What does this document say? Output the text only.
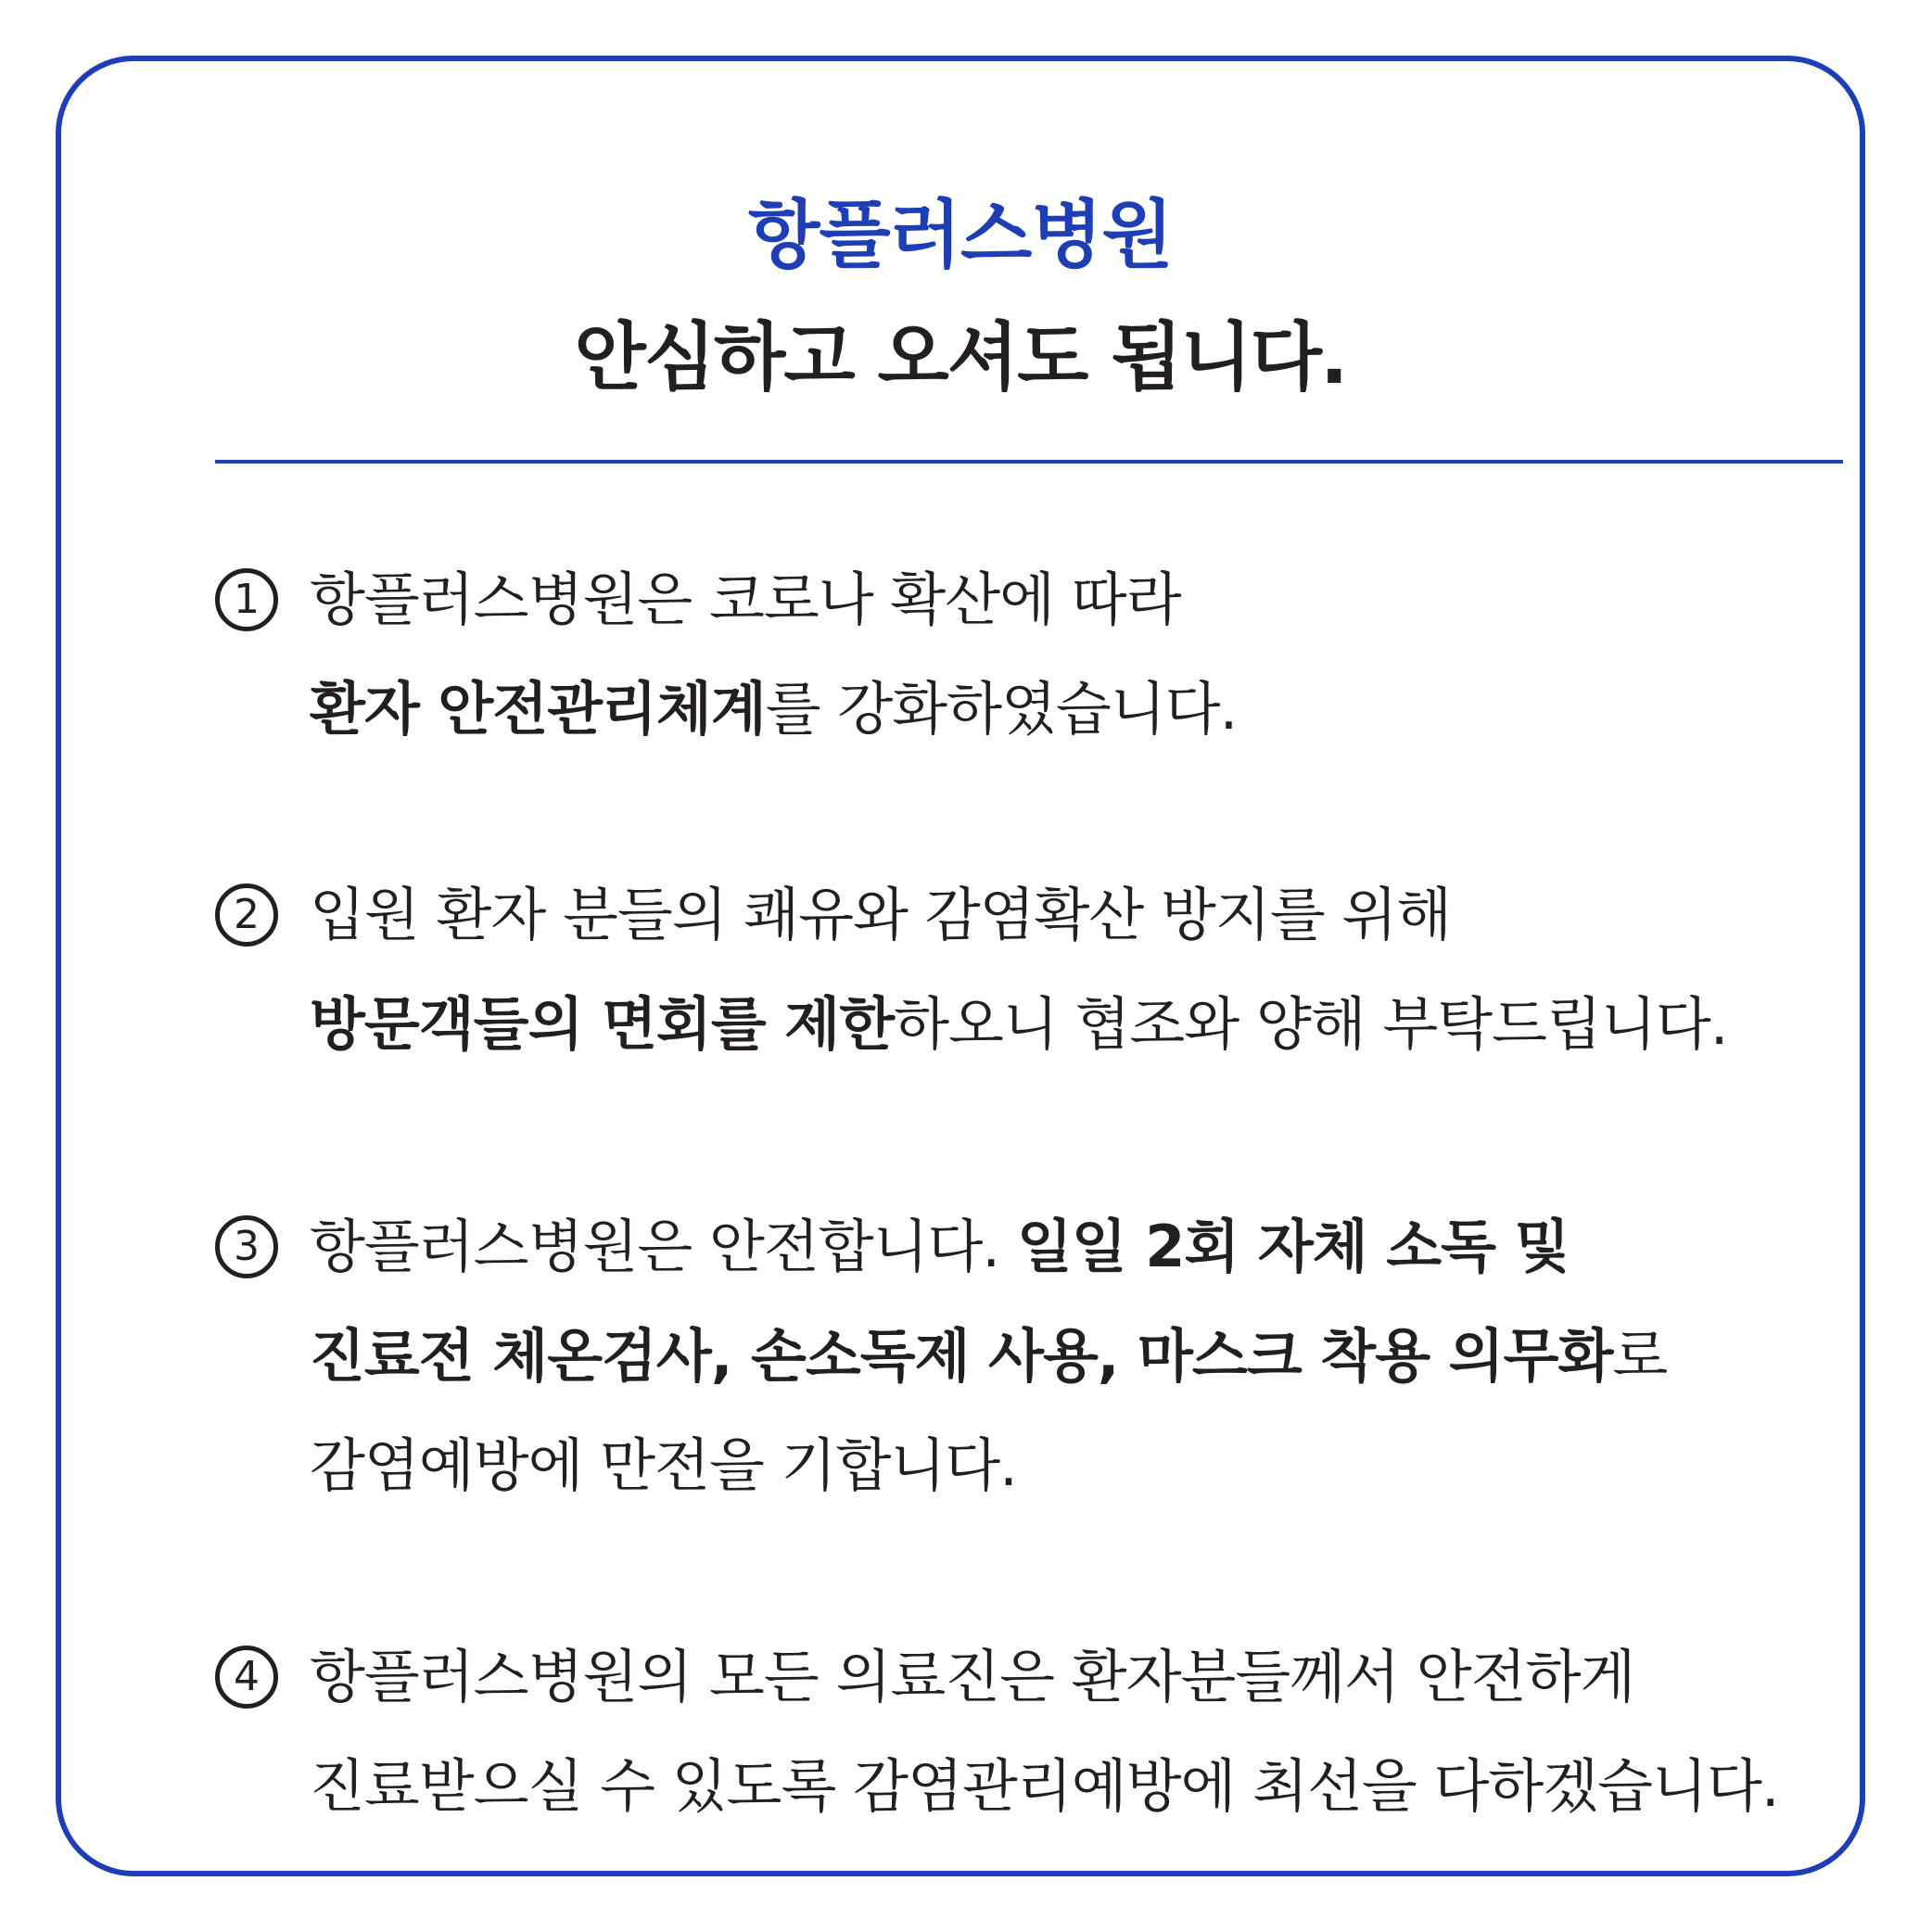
항플러스병원
안심하고 오셔도 됩니다.
1 항플러스병원은 코로나 확산에 따라
환자 안전관리체계를 강화하였습니다.
2 입원 환자 분들의 쾌유와 감염확산 방지를 위해
방문객들의 면회를 제한하오니 협조와 양해 부탁드립니다.
3 항플러스병원은 안전합니다. 일일 2회 자체 소독 및
진료전 체온검사, 손소독제 사용, 마스크 착용 의무화로
감염예방에 만전을 기합니다.
4 항플러스병원의 모든 의료진은 환자분들께서 안전하게
진료받으실 수 있도록 감염관리예방에 최선을 다하겠습니다.
